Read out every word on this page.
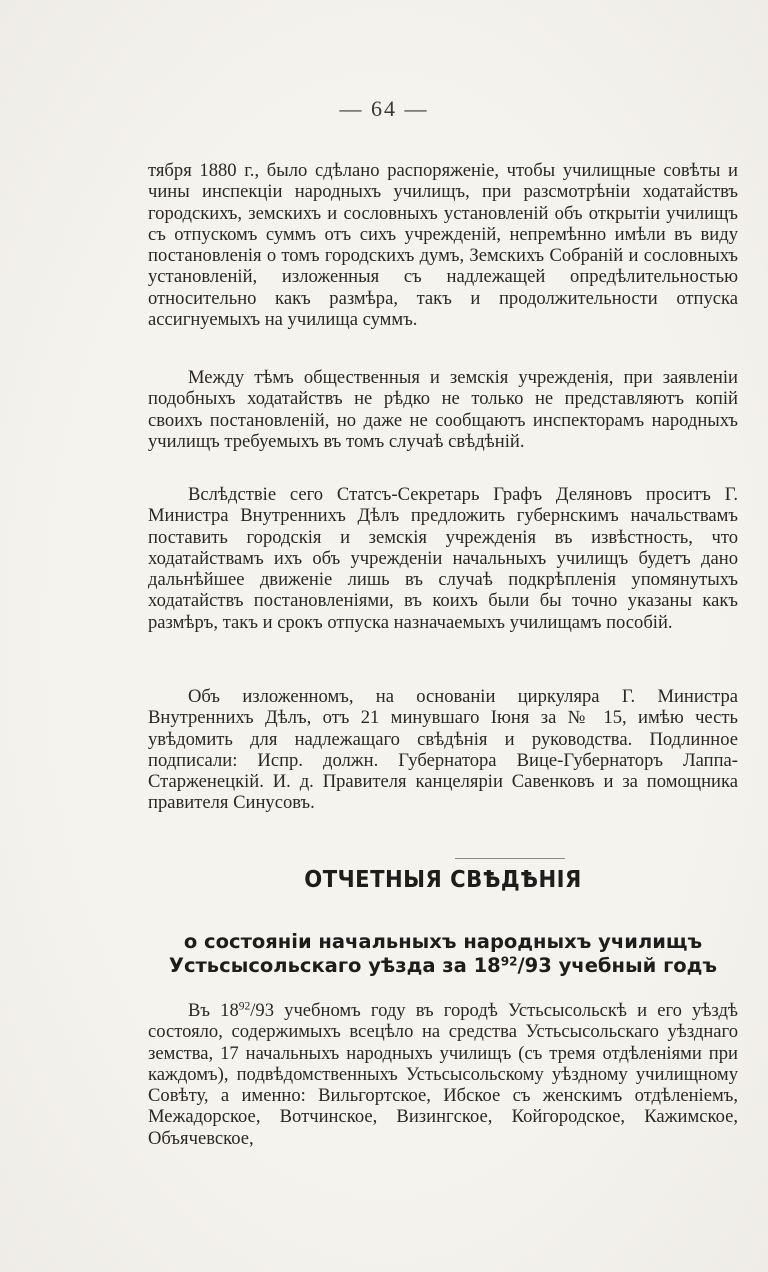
— 64 —

тября 1880 г., было сдѣлано распоряженіе, чтобы училищные совѣты и чины инспекціи народныхъ училищъ, при разсмотрѣніи ходатайствъ городскихъ, земскихъ и сословныхъ установленій объ открытіи училищъ съ отпускомъ суммъ отъ сихъ учрежденій, непремѣнно имѣли въ виду постановленія о томъ городскихъ думъ, Земскихъ Собраній и сословныхъ установленій, изложенныя съ надлежащей опредѣлительностью относительно какъ размѣра, такъ и продолжительности отпуска ассигнуемыхъ на училища суммъ.

Между тѣмъ общественныя и земскія учрежденія, при заявленіи подобныхъ ходатайствъ не рѣдко не только не представляютъ копій своихъ постановленій, но даже не сообщаютъ инспекторамъ народныхъ училищъ требуемыхъ въ томъ случаѣ свѣдѣній.

Вслѣдствіе сего Статсъ-Секретарь Графъ Деляновъ проситъ Г. Министра Внутреннихъ Дѣлъ предложить губернскимъ начальствамъ поставить городскія и земскія учрежденія въ извѣстность, что ходатайствамъ ихъ объ учрежденіи начальныхъ училищъ будетъ дано дальнѣйшее движеніе лишь въ случаѣ подкрѣпленія упомянутыхъ ходатайствъ постановленіями, въ коихъ были бы точно указаны какъ размѣръ, такъ и срокъ отпуска назначаемыхъ училищамъ пособій.

Объ изложенномъ, на основаніи циркуляра Г. Министра Внутреннихъ Дѣлъ, отъ 21 минувшаго Іюня за № 15, имѣю честь увѣдомить для надлежащаго свѣдѣнія и руководства. Подлинное подписали: Испр. должн. Губернатора Вице-Губернаторъ Лаппа-Старженецкій. И. д. Правителя канцеляріи Савенковъ и за помощника правителя Синусовъ.

ОТЧЕТНЫЯ СВѢДѢНІЯ
о состояніи начальныхъ народныхъ училищъ Устьсысольскаго уѣзда за $18^{92}/93$ учебный годъ

Въ $18^{92}/93$ учебномъ году въ городѣ Устьсысольскѣ и его уѣздѣ состояло, содержимыхъ всецѣло на средства Устьсысольскаго уѣзднаго земства, 17 начальныхъ народныхъ училищъ (съ тремя отдѣленіями при каждомъ), подвѣдомственныхъ Устьсысольскому уѣздному училищному Совѣту, а именно: Вильгортское, Ибское съ женскимъ отдѣленіемъ, Межадорское, Вотчинское, Визингское, Койгородское, Кажимское, Объячевское,
